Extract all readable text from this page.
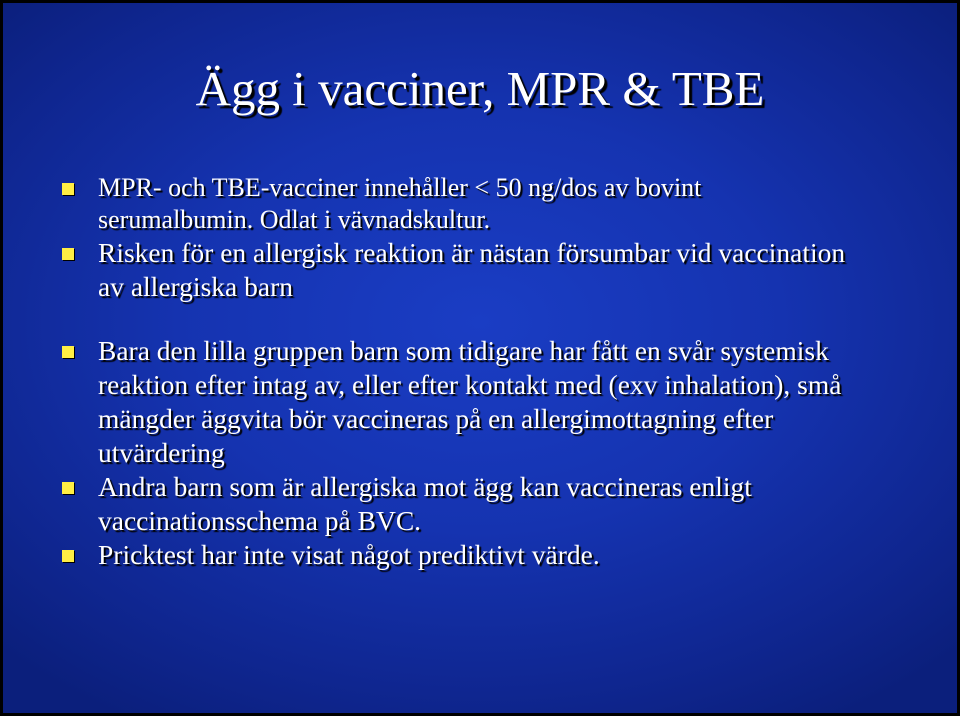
Ägg i vacciner, MPR & TBE
MPR- och TBE-vacciner innehåller < 50 ng/dos av bovint serumalbumin. Odlat i vävnadskultur.
Risken för en allergisk reaktion är nästan försumbar vid vaccination av allergiska barn
Bara den lilla gruppen barn som tidigare har fått en svår systemisk reaktion efter intag av, eller efter kontakt med (exv inhalation), små mängder äggvita bör vaccineras på en allergimottagning efter utvärdering
Andra barn som är allergiska mot ägg kan vaccineras enligt vaccinationsschema på BVC.
Pricktest har inte visat något prediktivt värde.
